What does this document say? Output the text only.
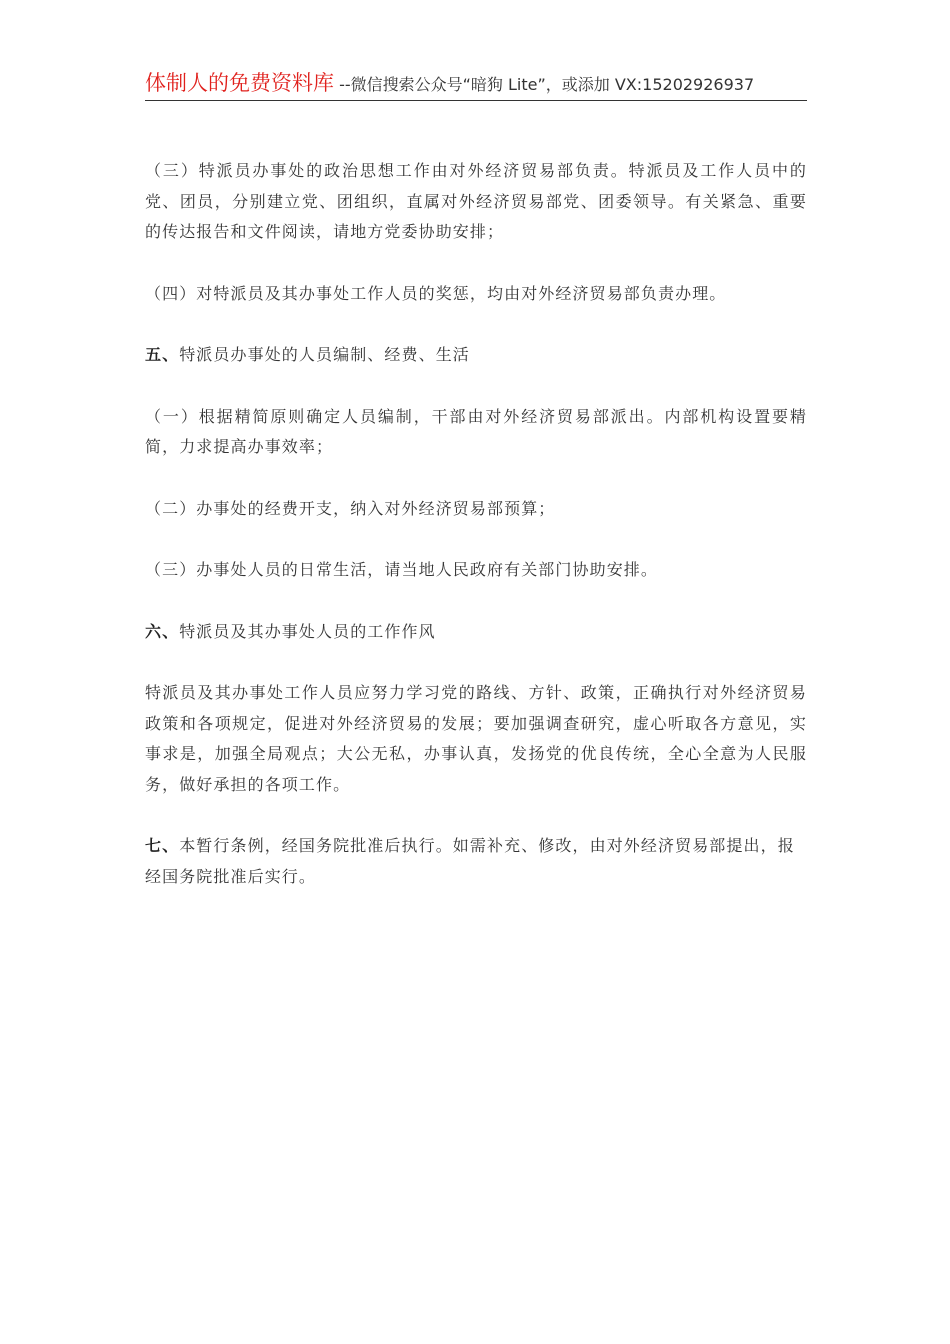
体制人的免费资料库 --微信搜索公众号“暗狗 Lite”，或添加 VX:15202926937

（三）特派员办事处的政治思想工作由对外经济贸易部负责。特派员及工作人员中的党、团员，分别建立党、团组织，直属对外经济贸易部党、团委领导。有关紧急、重要的传达报告和文件阅读，请地方党委协助安排；

（四）对特派员及其办事处工作人员的奖惩，均由对外经济贸易部负责办理。

五、特派员办事处的人员编制、经费、生活

（一）根据精简原则确定人员编制，干部由对外经济贸易部派出。内部机构设置要精简，力求提高办事效率；

（二）办事处的经费开支，纳入对外经济贸易部预算；

（三）办事处人员的日常生活，请当地人民政府有关部门协助安排。

六、特派员及其办事处人员的工作作风

特派员及其办事处工作人员应努力学习党的路线、方针、政策，正确执行对外经济贸易政策和各项规定，促进对外经济贸易的发展；要加强调查研究，虚心听取各方意见，实事求是，加强全局观点；大公无私，办事认真，发扬党的优良传统，全心全意为人民服务，做好承担的各项工作。

七、本暂行条例，经国务院批准后执行。如需补充、修改，由对外经济贸易部提出，报经国务院批准后实行。
